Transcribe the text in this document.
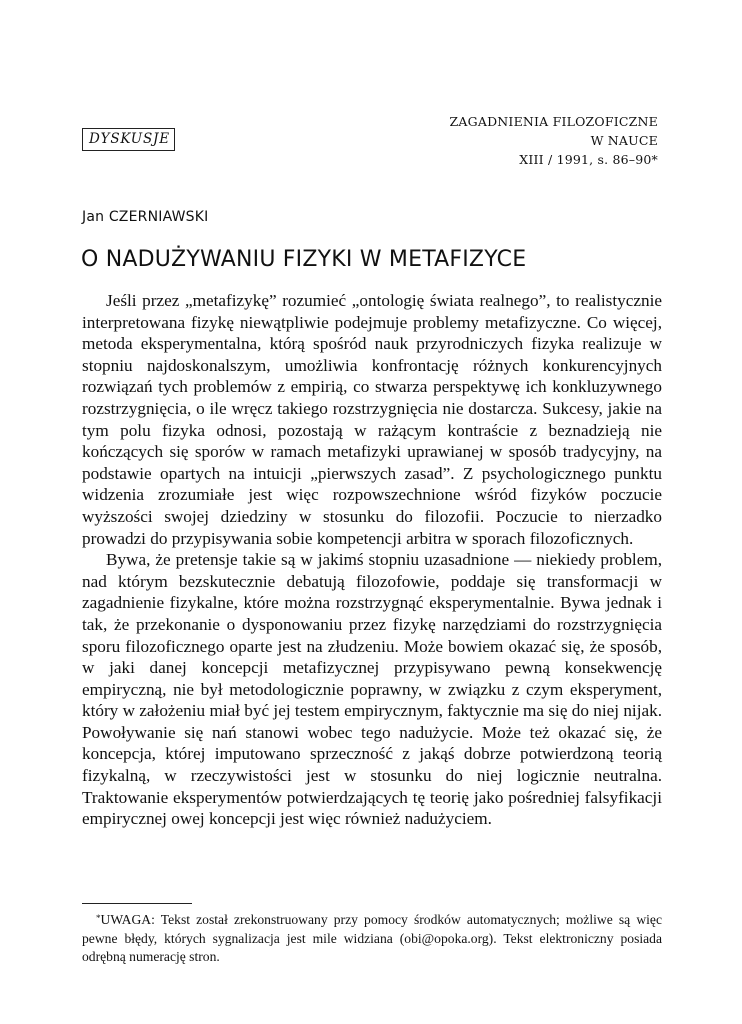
ZAGADNIENIA FILOZOFICZNE
W NAUCE
XIII / 1991, s. 86–90*
DYSKUSJE
Jan CZERNIAWSKI
O NADUŻYWANIU FIZYKI W METAFIZYCE

Jeśli przez „metafizykę” rozumieć „ontologię świata realnego”, to realistycznie interpretowana fizykę niewątpliwie podejmuje problemy metafizyczne. Co więcej, metoda eksperymentalna, którą spośród nauk przyrodniczych fizyka realizuje w stopniu najdoskonalszym, umożliwia konfrontację różnych konkurencyjnych rozwiązań tych problemów z empirią, co stwarza perspektywę ich konkluzywnego rozstrzygnięcia, o ile wręcz takiego rozstrzygnięcia nie dostarcza. Sukcesy, jakie na tym polu fizyka odnosi, pozostają w rażącym kontraście z beznadzieją nie kończących się sporów w ramach metafizyki uprawianej w sposób tradycyjny, na podstawie opartych na intuicji „pierwszych zasad”. Z psychologicznego punktu widzenia zrozumiałe jest więc rozpowszechnione wśród fizyków poczucie wyższości swojej dziedziny w stosunku do filozofii. Poczucie to nierzadko prowadzi do przypisywania sobie kompetencji arbitra w sporach filozoficznych.

Bywa, że pretensje takie są w jakimś stopniu uzasadnione — niekiedy problem, nad którym bezskutecznie debatują filozofowie, poddaje się transformacji w zagadnienie fizykalne, które można rozstrzygnąć eksperymentalnie. Bywa jednak i tak, że przekonanie o dysponowaniu przez fizykę narzędziami do rozstrzygnięcia sporu filozoficznego oparte jest na złudzeniu. Może bowiem okazać się, że sposób, w jaki danej koncepcji metafizycznej przypisywano pewną konsekwencję empiryczną, nie był metodologicznie poprawny, w związku z czym eksperyment, który w założeniu miał być jej testem empirycznym, faktycznie ma się do niej nijak. Powoływanie się nań stanowi wobec tego nadużycie. Może też okazać się, że koncepcja, której imputowano sprzeczność z jakąś dobrze potwierdzoną teorią fizykalną, w rzeczywistości jest w stosunku do niej logicznie neutralna. Traktowanie eksperymentów potwierdzających tę teorię jako pośredniej falsyfikacji empirycznej owej koncepcji jest więc również nadużyciem.

*UWAGA: Tekst został zrekonstruowany przy pomocy środków automatycznych; możliwe są więc pewne błędy, których sygnalizacja jest mile widziana (obi@opoka.org). Tekst elektroniczny posiada odrębną numerację stron.
